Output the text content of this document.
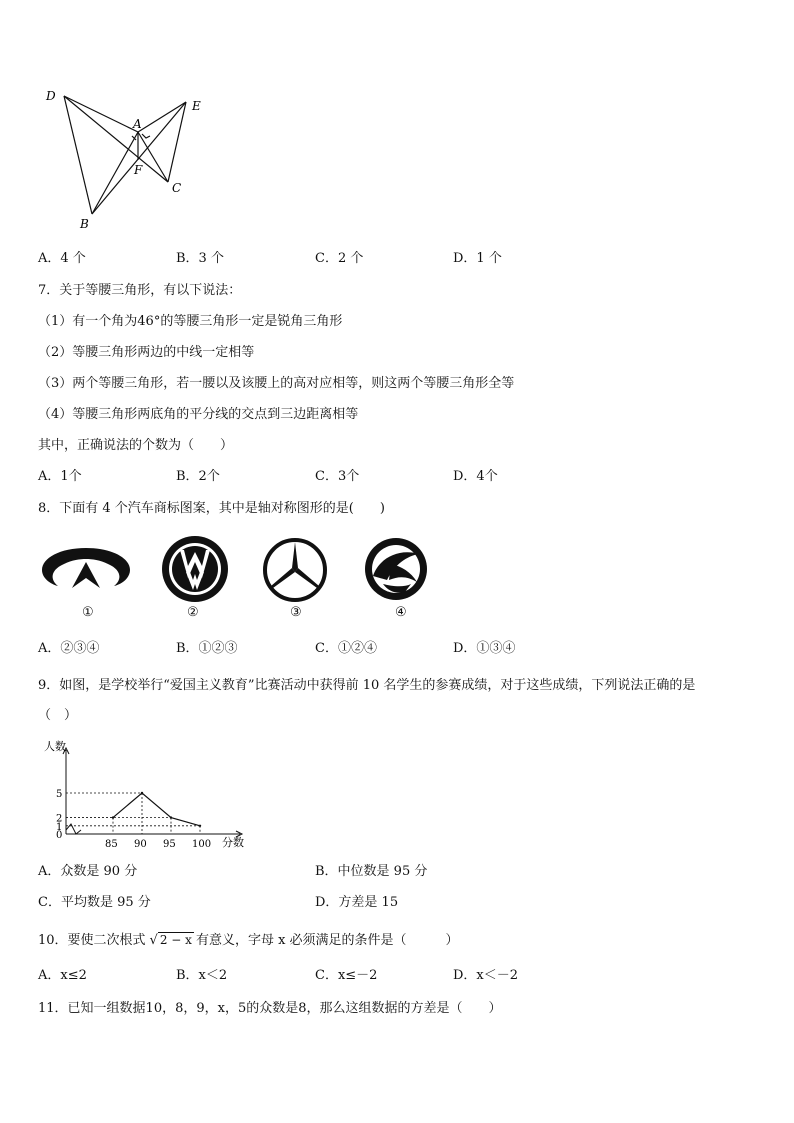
D
E
A
F
C
B
A．4 个	B．3 个	C．2 个	D．1 个
7．关于等腰三角形，有以下说法：
（1）有一个角为46°的等腰三角形一定是锐角三角形
（2）等腰三角形两边的中线一定相等
（3）两个等腰三角形，若一腰以及该腰上的高对应相等，则这两个等腰三角形全等
（4）等腰三角形两底角的平分线的交点到三边距离相等
其中，正确说法的个数为（　　）
A．1个	B．2个	C．3个	D．4个
8．下面有 4 个汽车商标图案，其中是轴对称图形的是(　　)
①	②	③	④
A．②③④	B．①②③	C．①②④	D．①③④
9．如图，是学校举行“爱国主义教育”比赛活动中获得前 10 名学生的参赛成绩，对于这些成绩，下列说法正确的是
（　）
85 90 95 100
0
1
2
5
人数
分数
A．众数是 90 分	B．中位数是 95 分
C．平均数是 95 分	D．方差是 15
10．要使二次根式 √ 2 − x 有意义，字母 x 必须满足的条件是（　　　）
A．x≤2	B．x＜2	C．x≤－2	D．x＜－2
11．已知一组数据10，8，9，x，5的众数是8，那么这组数据的方差是（　　）
